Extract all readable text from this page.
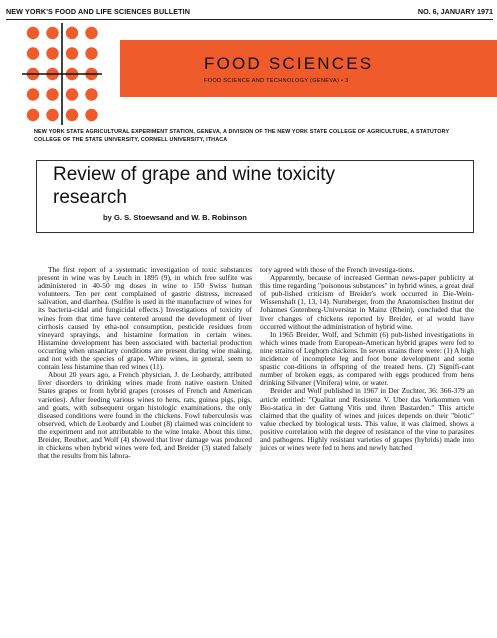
NEW YORK'S FOOD AND LIFE SCIENCES BULLETIN	NO. 6, JANUARY 1971
FOOD SCIENCES
FOOD SCIENCE AND TECHNOLOGY (GENEVA) • 3
NEW YORK STATE AGRICULTURAL EXPERIMENT STATION, GENEVA, A DIVISION OF THE NEW YORK STATE COLLEGE OF AGRICULTURE, A STATUTORY COLLEGE OF THE STATE UNIVERSITY, CORNELL UNIVERSITY, ITHACA
Review of grape and wine toxicity research
by G. S. Stoewsand and W. B. Robinson

The first report of a systematic investigation of toxic substances present in wine was by Leuch in 1895 (9), in which free sulfite was administered in 40-50 mg doses in wine to 150 Swiss human volunteers. Ten per cent complained of gastric distress, increased salivation, and diarrhea. (Sulfite is used in the manufacture of wines for its bacteria-cidal and fungicidal effects.) Investigations of toxicity of wines from that time have centered around the development of liver cirrhosis caused by etha-nol consumption, pesticide residues from vineyard sprayings, and histamine formation in certain wines. Histamine development has been associated with bacterial production occurring when unsanitary conditions are present during wine making, and not with the species of grape. White wines, in general, seem to contain less histamine than red wines (11).

About 20 years ago, a French physician, J. de Leobardy, attributed liver disorders to drinking wines made from native eastern United States grapes or from hybrid grapes (crosses of French and American varieties). After feeding various wines to hens, rats, guinea pigs, pigs, and goats, with subsequent organ histologic examinations, the only diseased conditions were found in the chickens. Fowl tuberculosis was observed, which de Leobardy and Loubet (8) claimed was coincident to the experiment and not attributable to the wine intake. About this time, Breider, Reuther, and Wolf (4) showed that liver damage was produced in chickens when hybrid wines were fed, and Breider (3) stated falsely that the results from his labora-

tory agreed with those of the French investiga-tions.

Apparently, because of increased German news-paper publicity at this time regarding "poisonous substances" in hybrid wines, a great deal of pub-lished criticism of Breider's work occurred in Die-Wein-Wissenshaft (1, 13, 14). Nurnberger, from the Anatomischen Institut der Johannes Gutenberg-Universitat in Mainz (Rhein), concluded that the liver changes of chickens reported by Breider, et al would have occurred without the administration of hybrid wine.

In 1965 Breider, Wolf, and Schmitt (6) pub-lished investigations in which wines made from European-American hybrid grapes were fed to nine strains of Leghorn chickens. In seven strains there were: (1) A high incidence of incomplete leg and foot bone development and some spastic con-ditions in offspring of the treated hens. (2) Signifi-cant number of broken eggs, as compared with eggs produced from hens drinking Silvaner (Vinifera) wine, or water.

Breider and Wolf published in 1967 in Der Zuchter, 36: 366-379 an article entitled: "Qualitat und Resistenz V. Uber das Vorkommen von Bio-statica in der Gattung Vitis und ihren Bastarden." This article claimed that the quality of wines and juices depends on their "biotic" value checked by biological tests. This value, it was claimed, shows a positive correlation with the degree of resistance of the vine to parasites and pathogens. Highly resistant varieties of grapes (hybrids) made into juices or wines were fed to hens and newly hatched
